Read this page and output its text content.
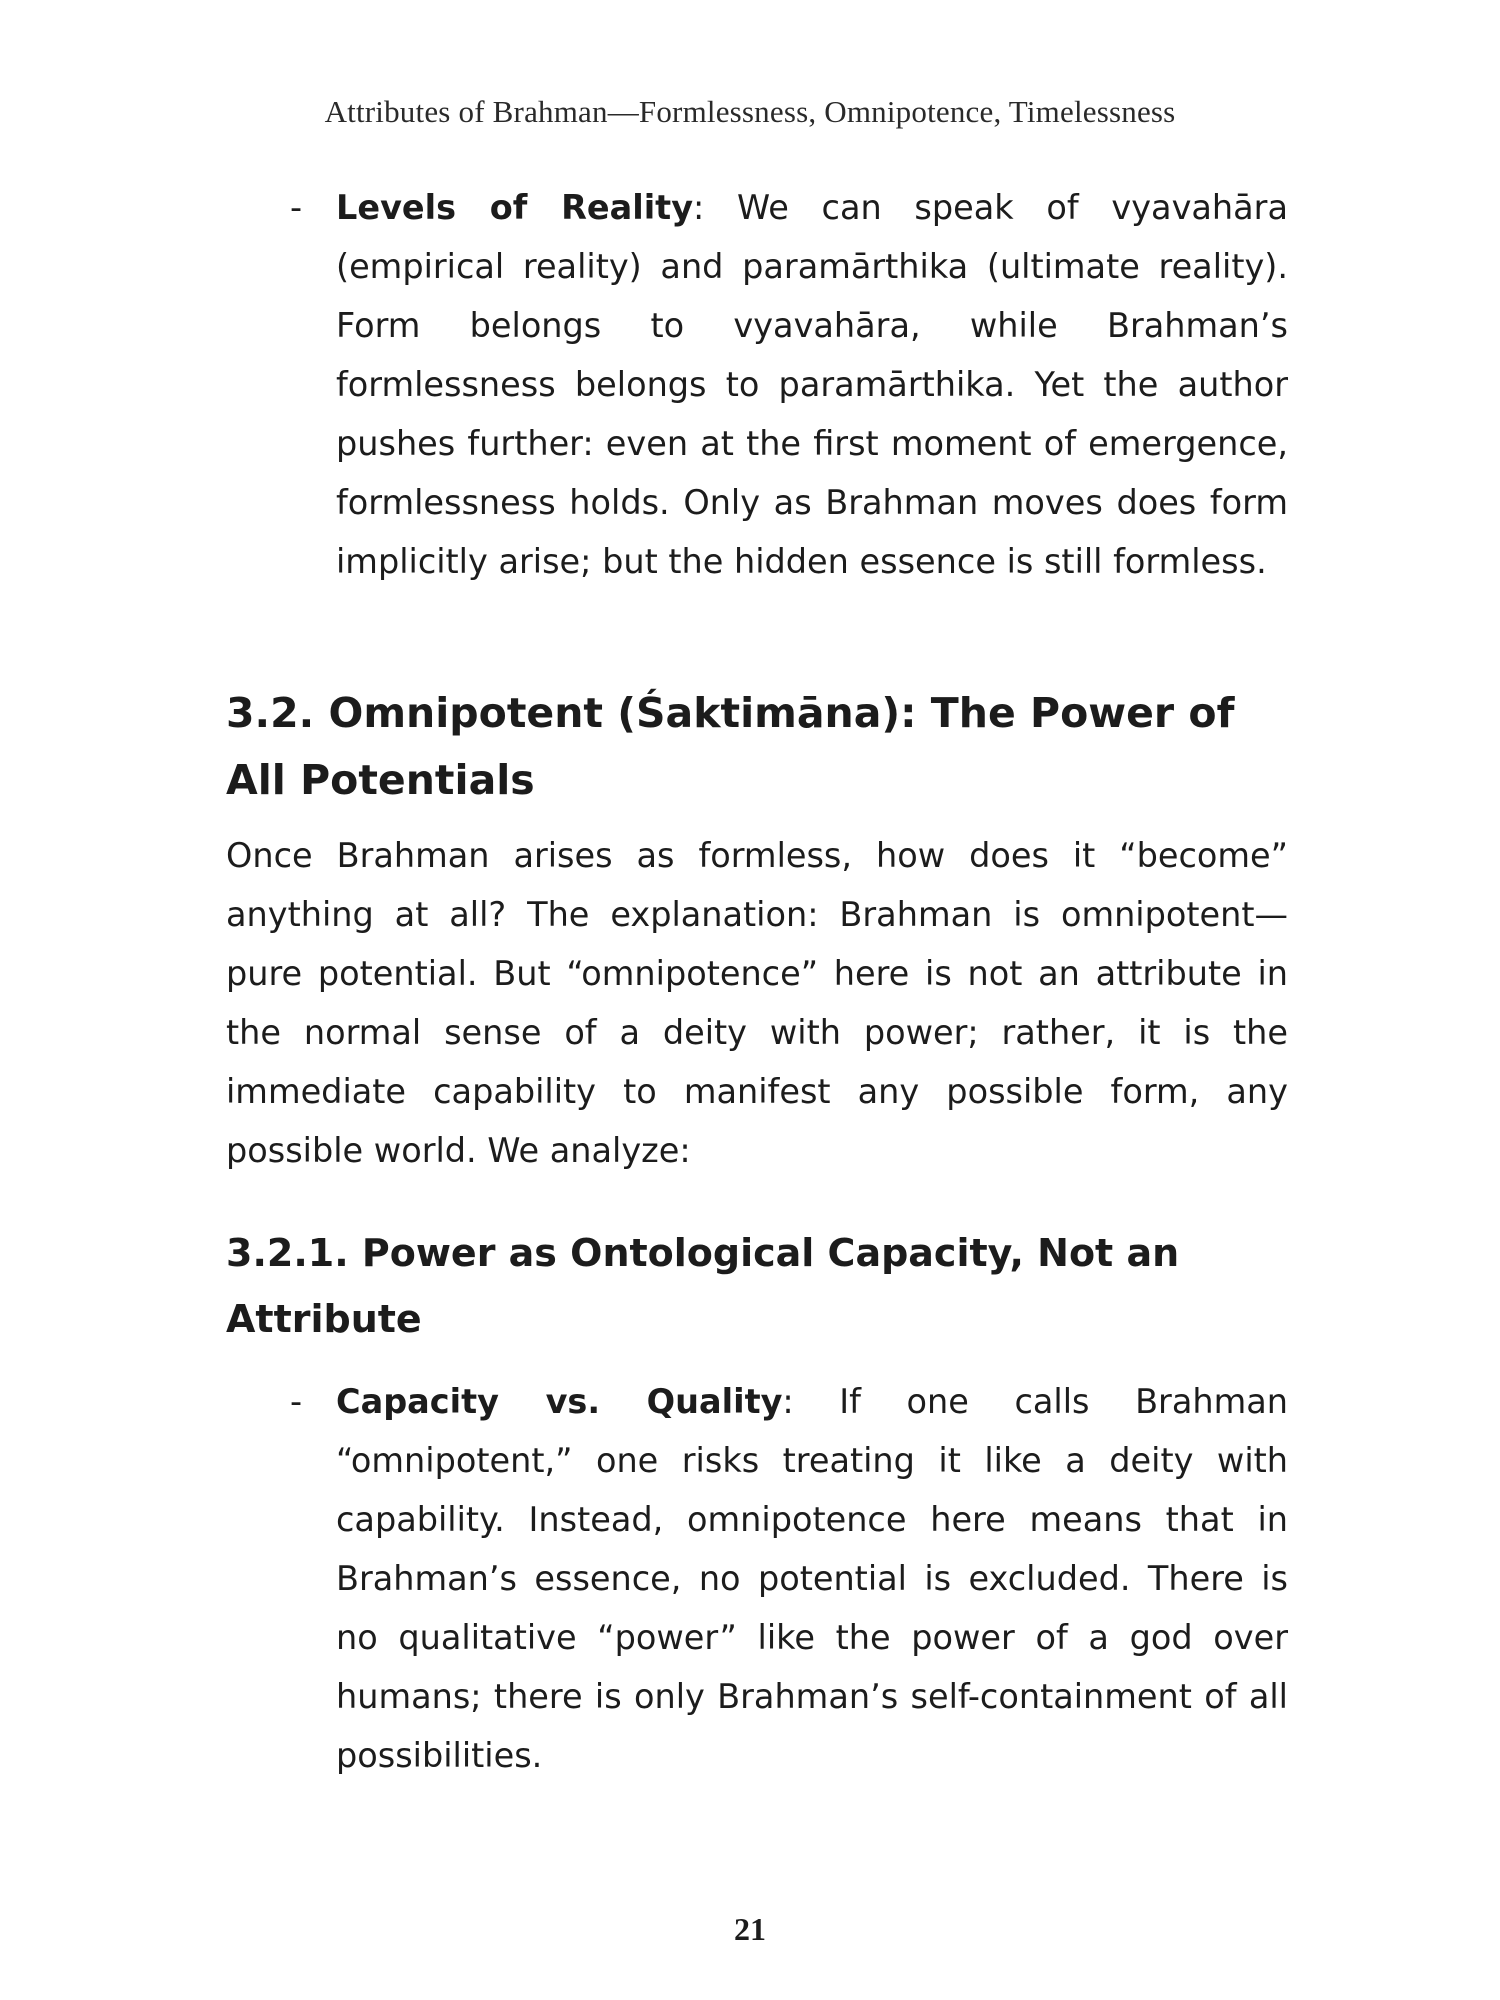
Attributes of Brahman—Formlessness, Omnipotence, Timelessness
- Levels of Reality: We can speak of vyavahāra (empirical reality) and paramārthika (ultimate reality). Form belongs to vyavahāra, while Brahman’s formlessness belongs to paramārthika. Yet the author pushes further: even at the first moment of emergence, formlessness holds. Only as Brahman moves does form implicitly arise; but the hidden essence is still formless.
3.2. Omnipotent (Śaktimāna): The Power of All Potentials
Once Brahman arises as formless, how does it “become” anything at all? The explanation: Brahman is omnipotent—pure potential. But “omnipotence” here is not an attribute in the normal sense of a deity with power; rather, it is the immediate capability to manifest any possible form, any possible world. We analyze:
3.2.1. Power as Ontological Capacity, Not an Attribute
- Capacity vs. Quality: If one calls Brahman “omnipotent,” one risks treating it like a deity with capability. Instead, omnipotence here means that in Brahman’s essence, no potential is excluded. There is no qualitative “power” like the power of a god over humans; there is only Brahman’s self-containment of all possibilities.
21
